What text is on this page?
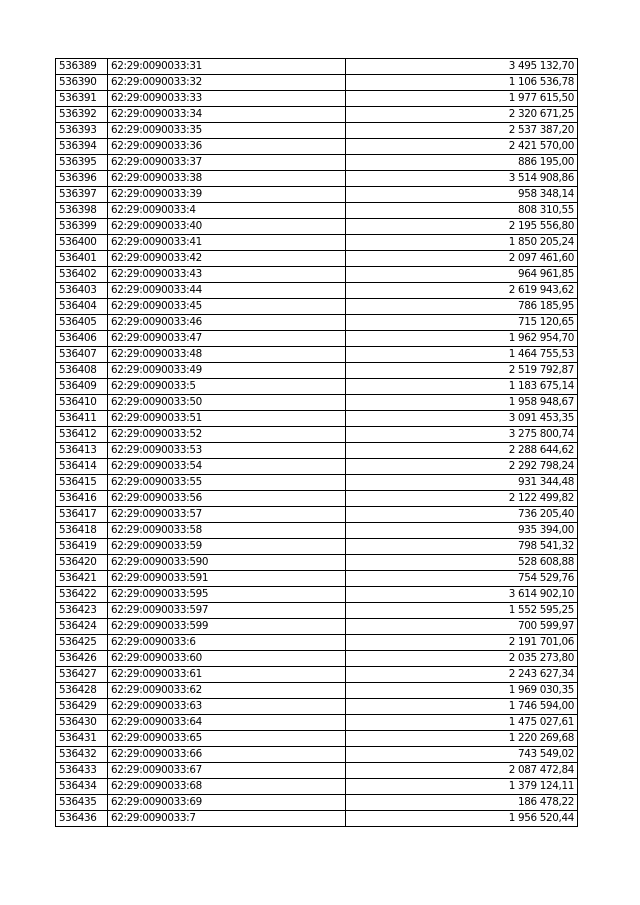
536389	62:29:0090033:31	3 495 132,70
536390	62:29:0090033:32	1 106 536,78
536391	62:29:0090033:33	1 977 615,50
536392	62:29:0090033:34	2 320 671,25
536393	62:29:0090033:35	2 537 387,20
536394	62:29:0090033:36	2 421 570,00
536395	62:29:0090033:37	886 195,00
536396	62:29:0090033:38	3 514 908,86
536397	62:29:0090033:39	958 348,14
536398	62:29:0090033:4	808 310,55
536399	62:29:0090033:40	2 195 556,80
536400	62:29:0090033:41	1 850 205,24
536401	62:29:0090033:42	2 097 461,60
536402	62:29:0090033:43	964 961,85
536403	62:29:0090033:44	2 619 943,62
536404	62:29:0090033:45	786 185,95
536405	62:29:0090033:46	715 120,65
536406	62:29:0090033:47	1 962 954,70
536407	62:29:0090033:48	1 464 755,53
536408	62:29:0090033:49	2 519 792,87
536409	62:29:0090033:5	1 183 675,14
536410	62:29:0090033:50	1 958 948,67
536411	62:29:0090033:51	3 091 453,35
536412	62:29:0090033:52	3 275 800,74
536413	62:29:0090033:53	2 288 644,62
536414	62:29:0090033:54	2 292 798,24
536415	62:29:0090033:55	931 344,48
536416	62:29:0090033:56	2 122 499,82
536417	62:29:0090033:57	736 205,40
536418	62:29:0090033:58	935 394,00
536419	62:29:0090033:59	798 541,32
536420	62:29:0090033:590	528 608,88
536421	62:29:0090033:591	754 529,76
536422	62:29:0090033:595	3 614 902,10
536423	62:29:0090033:597	1 552 595,25
536424	62:29:0090033:599	700 599,97
536425	62:29:0090033:6	2 191 701,06
536426	62:29:0090033:60	2 035 273,80
536427	62:29:0090033:61	2 243 627,34
536428	62:29:0090033:62	1 969 030,35
536429	62:29:0090033:63	1 746 594,00
536430	62:29:0090033:64	1 475 027,61
536431	62:29:0090033:65	1 220 269,68
536432	62:29:0090033:66	743 549,02
536433	62:29:0090033:67	2 087 472,84
536434	62:29:0090033:68	1 379 124,11
536435	62:29:0090033:69	186 478,22
536436	62:29:0090033:7	1 956 520,44
